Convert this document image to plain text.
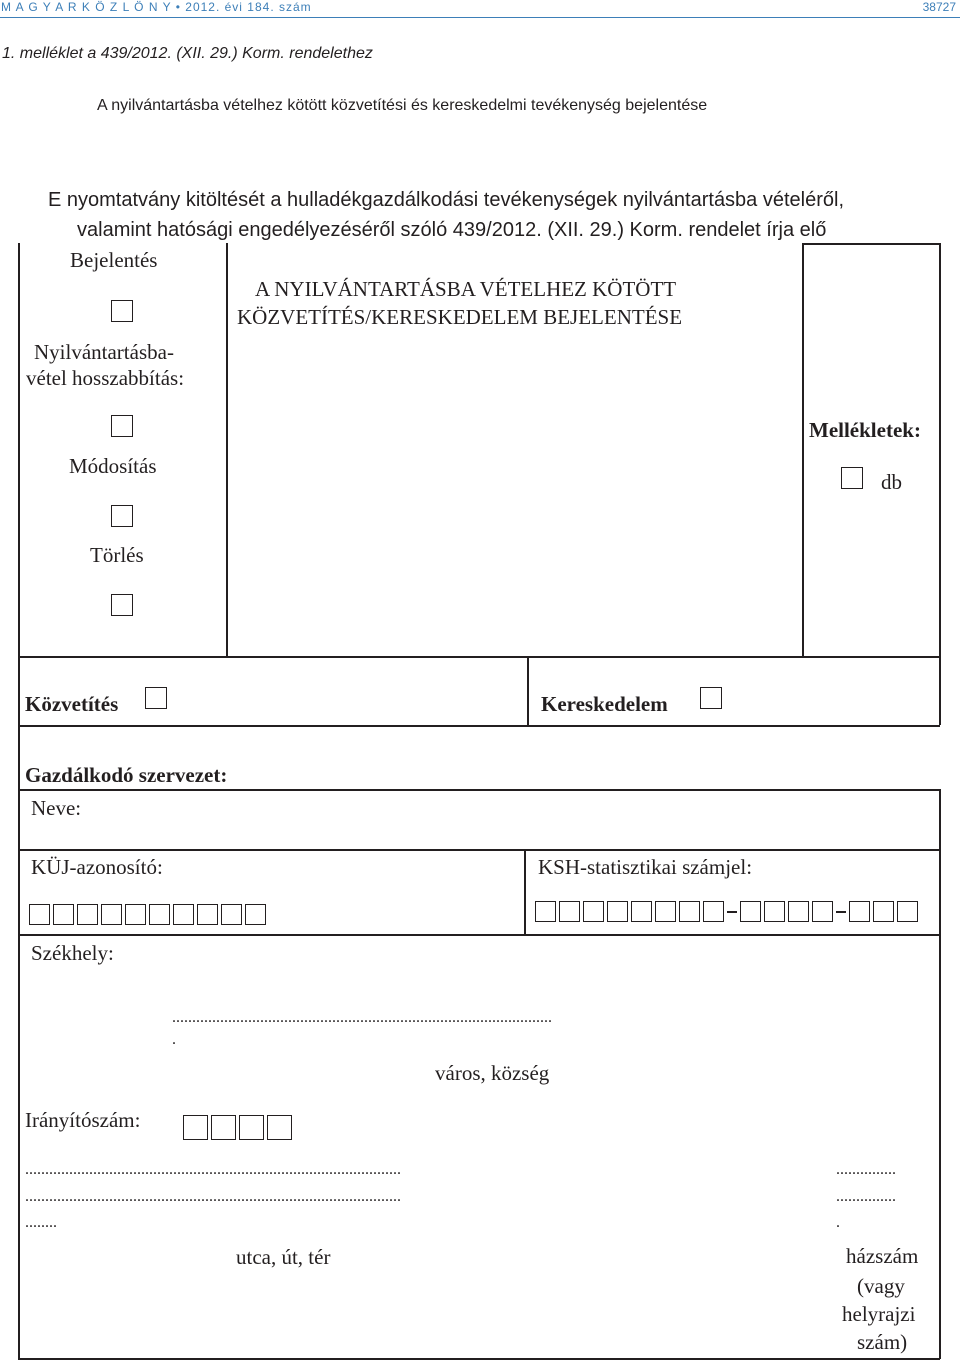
M A G Y A R K Ö Z L Ö N Y • 2012. évi 184. szám	38727
1. melléklet a 439/2012. (XII. 29.) Korm. rendelethez
A nyilvántartásba vételhez kötött közvetítési és kereskedelmi tevékenység bejelentése
E nyomtatvány kitöltését a hulladékgazdálkodási tevékenységek nyilvántartásba vételéről,
valamint hatósági engedélyezéséről szóló 439/2012. (XII. 29.) Korm. rendelet írja elő
Bejelentés
Nyilvántartásba-
vétel hosszabbítás:
Módosítás
Törlés
A NYILVÁNTARTÁSBA VÉTELHEZ KÖTÖTT
KÖZVETÍTÉS/KERESKEDELEM BEJELENTÉSE
Mellékletek:
db
Közvetítés	Kereskedelem
Gazdálkodó szervezet:
Neve:
KÜJ-azonosító:	KSH-statisztikai számjel:
Székhely:
...............................................................................................
.
város, község
Irányítószám:
..............................................................................................
..............................................................................................
........
utca, út, tér
...............
...............
.
házszám
(vagy
helyrajzi
szám)
